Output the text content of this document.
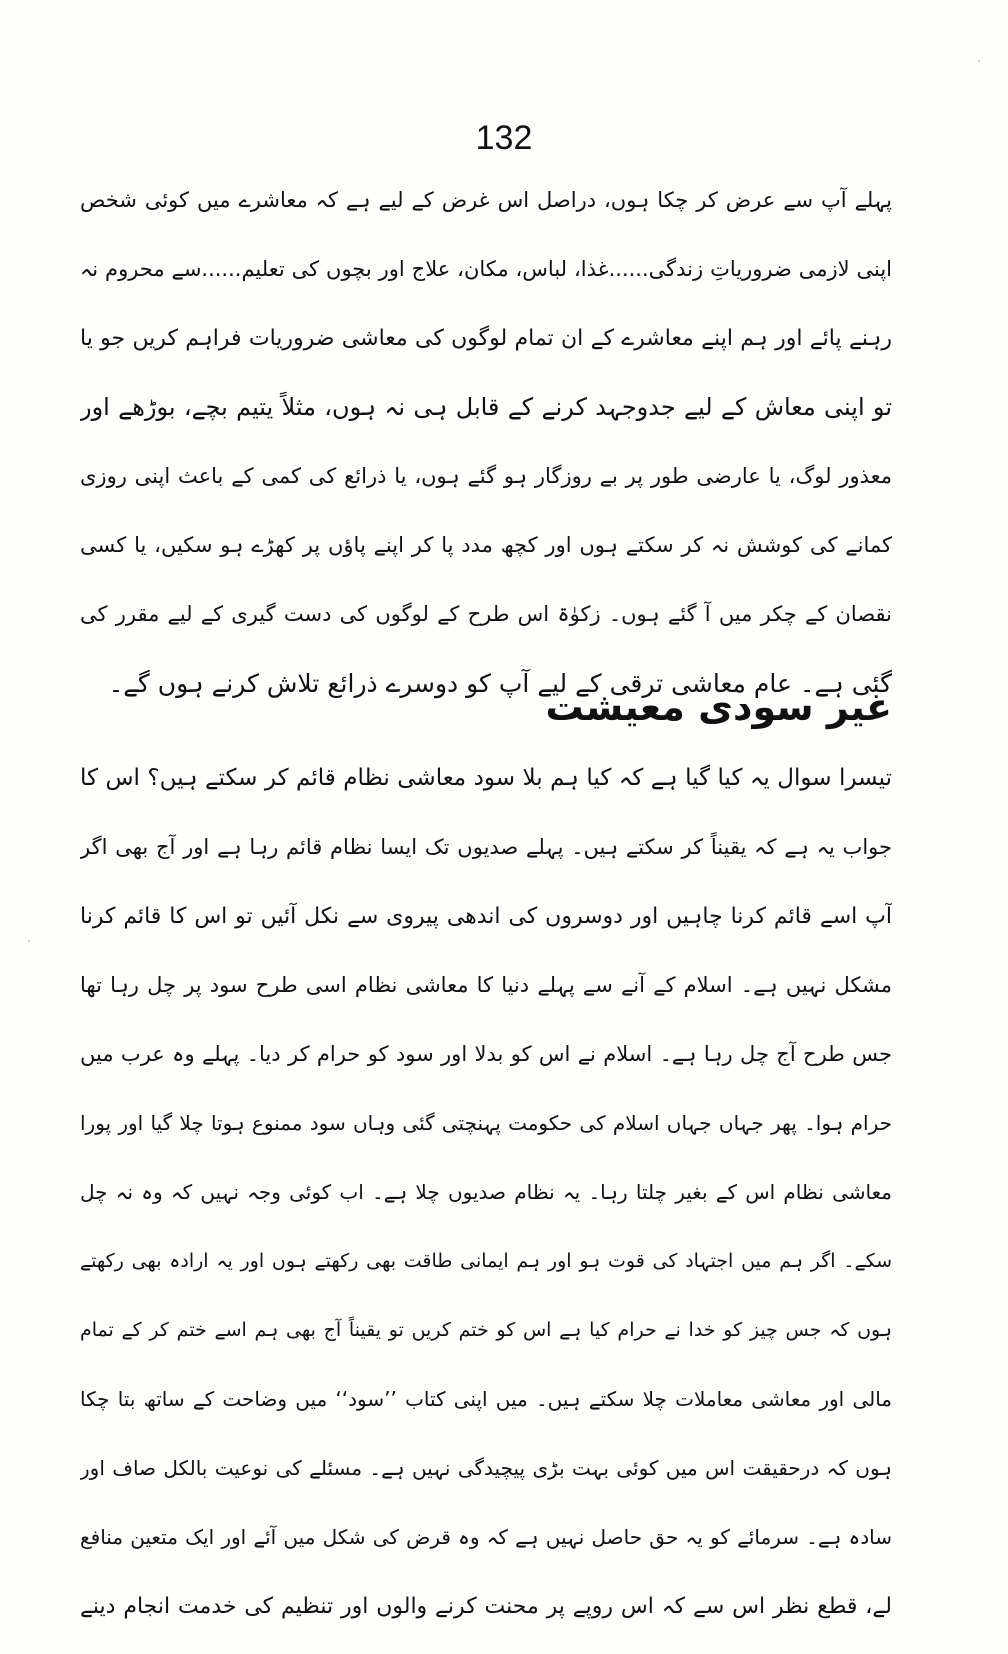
132
پہلے آپ سے عرض کر چکا ہوں، دراصل اس غرض کے لیے ہے کہ معاشرے میں کوئی شخص
اپنی لازمی ضروریاتِ زندگی......غذا، لباس، مکان، علاج اور بچوں کی تعلیم......سے محروم نہ
رہنے پائے اور ہم اپنے معاشرے کے ان تمام لوگوں کی معاشی ضروریات فراہم کریں جو یا
تو اپنی معاش کے لیے جدوجہد کرنے کے قابل ہی نہ ہوں، مثلاً یتیم بچے، بوڑھے اور
معذور لوگ، یا عارضی طور پر بے روزگار ہو گئے ہوں، یا ذرائع کی کمی کے باعث اپنی روزی
کمانے کی کوشش نہ کر سکتے ہوں اور کچھ مدد پا کر اپنے پاؤں پر کھڑے ہو سکیں، یا کسی
نقصان کے چکر میں آ گئے ہوں۔ زکوٰۃ اس طرح کے لوگوں کی دست گیری کے لیے مقرر کی
گئی ہے۔ عام معاشی ترقی کے لیے آپ کو دوسرے ذرائع تلاش کرنے ہوں گے۔
غیر سودی معیشت
تیسرا سوال یہ کیا گیا ہے کہ کیا ہم بلا سود معاشی نظام قائم کر سکتے ہیں؟ اس کا
جواب یہ ہے کہ یقیناً کر سکتے ہیں۔ پہلے صدیوں تک ایسا نظام قائم رہا ہے اور آج بھی اگر
آپ اسے قائم کرنا چاہیں اور دوسروں کی اندھی پیروی سے نکل آئیں تو اس کا قائم کرنا
مشکل نہیں ہے۔ اسلام کے آنے سے پہلے دنیا کا معاشی نظام اسی طرح سود پر چل رہا تھا
جس طرح آج چل رہا ہے۔ اسلام نے اس کو بدلا اور سود کو حرام کر دیا۔ پہلے وہ عرب میں
حرام ہوا۔ پھر جہاں جہاں اسلام کی حکومت پہنچتی گئی وہاں سود ممنوع ہوتا چلا گیا اور پورا
معاشی نظام اس کے بغیر چلتا رہا۔ یہ نظام صدیوں چلا ہے۔ اب کوئی وجہ نہیں کہ وہ نہ چل
سکے۔ اگر ہم میں اجتہاد کی قوت ہو اور ہم ایمانی طاقت بھی رکھتے ہوں اور یہ ارادہ بھی رکھتے
ہوں کہ جس چیز کو خدا نے حرام کیا ہے اس کو ختم کریں تو یقیناً آج بھی ہم اسے ختم کر کے تمام
مالی اور معاشی معاملات چلا سکتے ہیں۔ میں اپنی کتاب ’’سود‘‘ میں وضاحت کے ساتھ بتا چکا
ہوں کہ درحقیقت اس میں کوئی بہت بڑی پیچیدگی نہیں ہے۔ مسئلے کی نوعیت بالکل صاف اور
سادہ ہے۔ سرمائے کو یہ حق حاصل نہیں ہے کہ وہ قرض کی شکل میں آئے اور ایک متعین منافع
لے، قطع نظر اس سے کہ اس روپے پر محنت کرنے والوں اور تنظیم کی خدمت انجام دینے
